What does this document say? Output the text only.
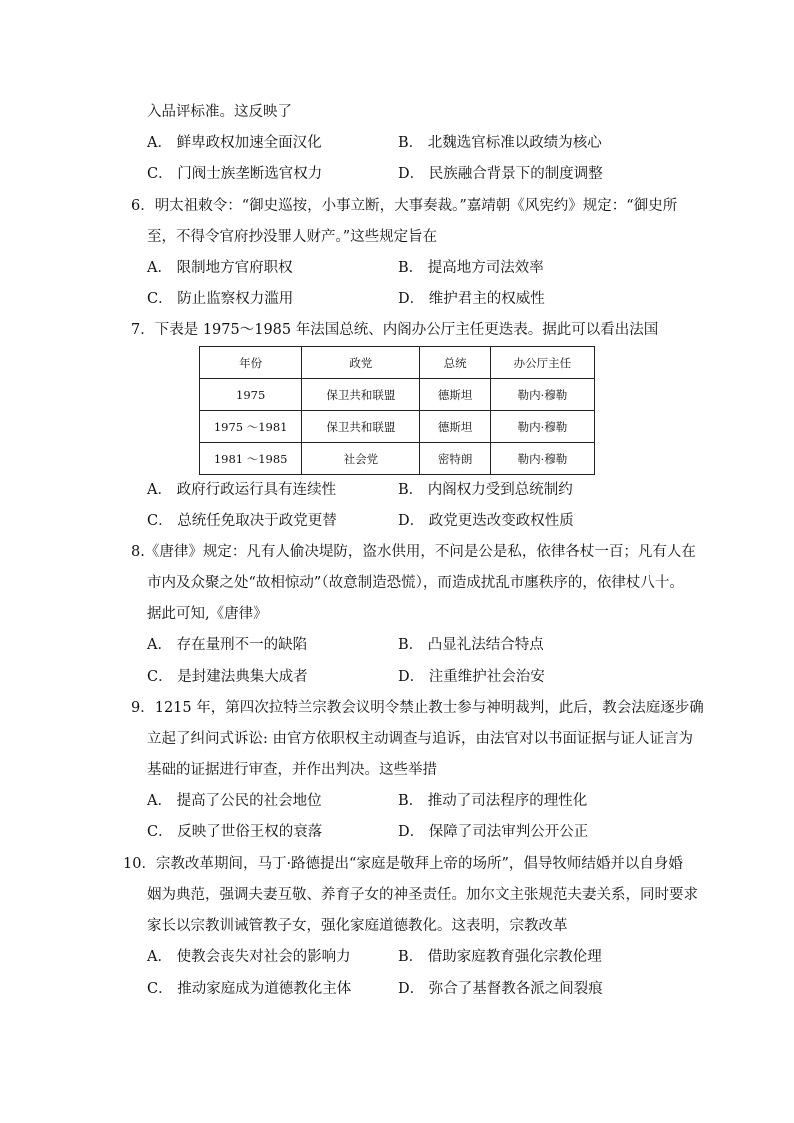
入品评标准。这反映了
A． 鲜卑政权加速全面汉化	B． 北魏选官标准以政绩为核心
C． 门阀士族垄断选官权力	D． 民族融合背景下的制度调整
6．明太祖敕令：“御史巡按，小事立断，大事奏裁。”嘉靖朝《风宪约》规定：“御史所
至，不得令官府抄没罪人财产。”这些规定旨在
A． 限制地方官府职权	B． 提高地方司法效率
C． 防止监察权力滥用	D． 维护君主的权威性
7．下表是 1975～1985 年法国总统、内阁办公厅主任更迭表。据此可以看出法国
年份	政党	总统	办公厅主任
1975	保卫共和联盟	德斯坦	勒内·穆勒
1975 ～1981	保卫共和联盟	德斯坦	勒内·穆勒
1981 ～1985	社会党	密特朗	勒内·穆勒
A． 政府行政运行具有连续性	B． 内阁权力受到总统制约
C． 总统任免取决于政党更替	D． 政党更迭改变政权性质
8.《唐律》规定：凡有人偷决堤防，盗水供用，不问是公是私，依律各杖一百；凡有人在
市内及众聚之处“故相惊动”（故意制造恐慌），而造成扰乱市廛秩序的，依律杖八十。
据此可知,《唐律》
A． 存在量刑不一的缺陷	B． 凸显礼法结合特点
C． 是封建法典集大成者	D． 注重维护社会治安
9．1215 年，第四次拉特兰宗教会议明令禁止教士参与神明裁判，此后，教会法庭逐步确
立起了纠问式诉讼: 由官方依职权主动调查与追诉，由法官对以书面证据与证人证言为
基础的证据进行审查，并作出判决。这些举措
A． 提高了公民的社会地位	B． 推动了司法程序的理性化
C． 反映了世俗王权的衰落	D． 保障了司法审判公开公正
10．宗教改革期间，马丁·路德提出“家庭是敬拜上帝的场所”，倡导牧师结婚并以自身婚
姻为典范，强调夫妻互敬、养育子女的神圣责任。加尔文主张规范夫妻关系，同时要求
家长以宗教训诫管教子女，强化家庭道德教化。这表明，宗教改革
A． 使教会丧失对社会的影响力	B． 借助家庭教育强化宗教伦理
C． 推动家庭成为道德教化主体	D． 弥合了基督教各派之间裂痕
